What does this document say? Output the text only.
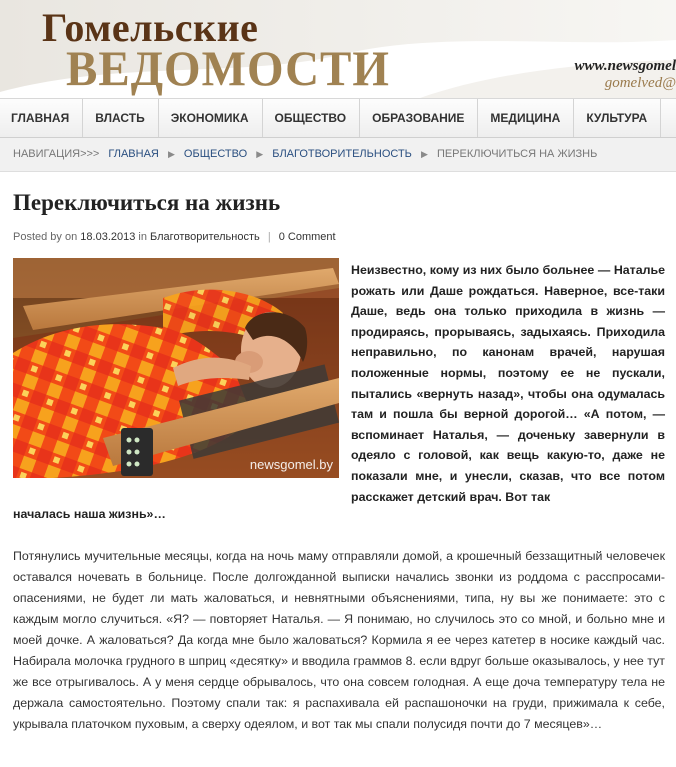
Гомельские
ВЕДОМОСТИ	www.newsgomel
gomelved@
ГЛАВНАЯ	ВЛАСТЬ	ЭКОНОМИКА	ОБЩЕСТВО	ОБРАЗОВАНИЕ	МЕДИЦИНА	КУЛЬТУРА
НАВИГАЦИЯ>>> ГЛАВНАЯ ▶ ОБЩЕСТВО ▶ БЛАГОТВОРИТЕЛЬНОСТЬ ▶ ПЕРЕКЛЮЧИТЬСЯ НА ЖИЗНЬ
Переключиться на жизнь
Posted by on 18.03.2013 in Благотворительность | 0 Comment
newsgomel.by
Неизвестно, кому из них было больнее — Наталье рожать или Даше рождаться. Наверное, все-таки Даше, ведь она только приходила в жизнь — продираясь, прорываясь, задыхаясь. Приходила неправильно, по канонам врачей, нарушая положенные нормы, поэтому ее не пускали, пытались «вернуть назад», чтобы она одумалась там и пошла бы верной дорогой… «А потом, — вспоминает Наталья, — доченьку завернули в одеяло с головой, как вещь какую-то, даже не показали мне, и унесли, сказав, что все потом расскажет детский врач. Вот так
началась наша жизнь»…
Потянулись мучительные месяцы, когда на ночь маму отправляли домой, а крошечный беззащитный человечек оставался ночевать в больнице. После долгожданной выписки начались звонки из роддома с расспросами-опасениями, не будет ли мать жаловаться, и невнятными объяснениями, типа, ну вы же понимаете: это с каждым могло случиться. «Я? — повторяет Наталья. — Я понимаю, но случилось это со мной, и больно мне и моей дочке. А жаловаться? Да когда мне было жаловаться? Кормила я ее через катетер в носике каждый час. Набирала молочка грудного в шприц «десятку» и вводила граммов 8. если вдруг больше оказывалось, у нее тут же все отрыгивалось. А у меня сердце обрывалось, что она совсем голодная. А еще доча температуру тела не держала самостоятельно. Поэтому спали так: я распахивала ей распашоночки на груди, прижимала к себе, укрывала платочком пуховым, а сверху одеялом, и вот так мы спали полусидя почти до 7 месяцев»…
